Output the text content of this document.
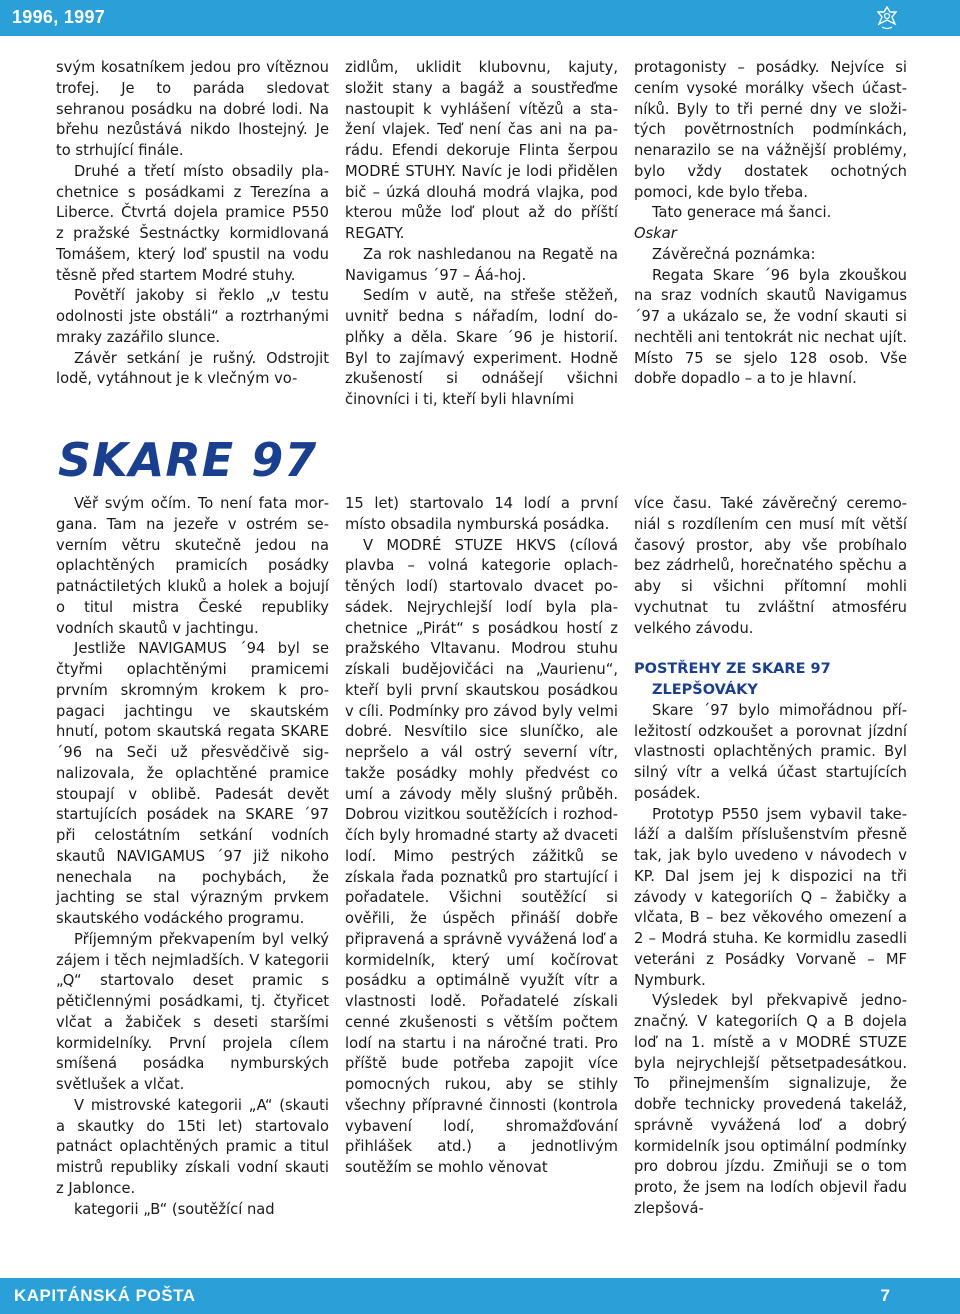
1996, 1997

svým kosatníkem jedou pro vítěznou trofej. Je to paráda sledovat sehranou posádku na dobré lodi. Na břehu nezůstává nikdo lhostejný. Je to strhující finále.

Druhé a třetí místo obsadily plachetnice s posádkami z Terezína a Liberce. Čtvrtá dojela pramice P550 z pražské Šestnáctky kormidlovaná Tomášem, který loď spustil na vodu těsně před startem Modré stuhy.

Povětří jakoby si řeklo „v testu odolnosti jste obstáli“ a roztrhanými mraky zazářilo slunce.

Závěr setkání je rušný. Odstrojit lodě, vytáhnout je k vlečným vo-

zidlům, uklidit klubovnu, kajuty, složit stany a bagáž a soustřeďme nastoupit k vyhlášení vítězů a stažení vlajek. Teď není čas ani na parádu. Efendi dekoruje Flinta šerpou MODRÉ STUHY. Navíc je lodi přidělen bič – úzká dlouhá modrá vlajka, pod kterou může loď plout až do příští REGATY.

Za rok nashledanou na Regatě na Navigamus ´97 – Áá-hoj.

Sedím v autě, na střeše stěžeň, uvnitř bedna s nářadím, lodní doplňky a děla. Skare ´96 je historií. Byl to zajímavý experiment. Hodně zkušeností si odnášejí všichni činovníci i ti, kteří byli hlavními

protagonisty – posádky. Nejvíce si cením vysoké morálky všech účastníků. Byly to tři perné dny ve složitých povětrnostních podmínkách, nenarazilo se na vážnější problémy, bylo vždy dostatek ochotných pomoci, kde bylo třeba.

Tato generace má šanci.

Oskar

Závěrečná poznámka:

Regata Skare ´96 byla zkouškou na sraz vodních skautů Navigamus ´97 a ukázalo se, že vodní skauti si nechtěli ani tentokrát nic nechat ujít. Místo 75 se sjelo 128 osob. Vše dobře dopadlo – a to je hlavní.

SKARE 97

Věř svým očím. To není fata morgana. Tam na jezeře v ostrém severním větru skutečně jedou na oplachtěných pramicích posádky patnáctiletých kluků a holek a bojují o titul mistra České republiky vodních skautů v jachtingu.

Jestliže NAVIGAMUS ´94 byl se čtyřmi oplachtěnými pramicemi prvním skromným krokem k propagaci jachtingu ve skautském hnutí, potom skautská regata SKARE ´96 na Seči už přesvědčivě signalizovala, že oplachtěné pramice stoupají v oblibě. Padesát devět startujících posádek na SKARE ´97 při celostátním setkání vodních skautů NAVIGAMUS ´97 již nikoho nenechala na pochybách, že jachting se stal výrazným prvkem skautského vodáckého programu.

Příjemným překvapením byl velký zájem i těch nejmladších. V kategorii „Q“ startovalo deset pramic s pětičlennými posádkami, tj. čtyřicet vlčat a žabiček s deseti staršími kormidelníky. První projela cílem smíšená posádka nymburských světlušek a vlčat.

V mistrovské kategorii „A“ (skauti a skautky do 15ti let) startovalo patnáct oplachtěných pramic a titul mistrů republiky získali vodní skauti z Jablonce.

kategorii „B“ (soutěžící nad

15 let) startovalo 14 lodí a první místo obsadila nymburská posádka.

V MODRÉ STUZE HKVS (cílová plavba – volná kategorie oplachtěných lodí) startovalo dvacet posádek. Nejrychlejší lodí byla plachetnice „Pirát“ s posádkou hostí z pražského Vltavanu. Modrou stuhu získali budějovičáci na „Vaurienu“, kteří byli první skautskou posádkou v cíli. Podmínky pro závod byly velmi dobré. Nesvítilo sice sluníčko, ale nepršelo a vál ostrý severní vítr, takže posádky mohly předvést co umí a závody měly slušný průběh. Dobrou vizitkou soutěžících i rozhodčích byly hromadné starty až dvaceti lodí. Mimo pestrých zážitků se získala řada poznatků pro startující i pořadatele. Všichni soutěžící si ověřili, že úspěch přináší dobře připravená a správně vyvážená loď a kormidelník, který umí kočírovat posádku a optimálně využít vítr a vlastnosti lodě. Pořadatelé získali cenné zkušenosti s větším počtem lodí na startu i na náročné trati. Pro příště bude potřeba zapojit více pomocných rukou, aby se stihly všechny přípravné činnosti (kontrola vybavení lodí, shromažďování přihlášek atd.) a jednotlivým soutěžím se mohlo věnovat

více času. Také závěrečný ceremoniál s rozdílením cen musí mít větší časový prostor, aby vše probíhalo bez zádrhelů, horečnatého spěchu a aby si všichni přítomní mohli vychutnat tu zvláštní atmosféru velkého závodu.

POSTŘEHY ZE SKARE 97

ZLEPŠOVÁKY

Skare ´97 bylo mimořádnou příležitostí odzkoušet a porovnat jízdní vlastnosti oplachtěných pramic. Byl silný vítr a velká účast startujících posádek.

Prototyp P550 jsem vybavil takeláží a dalším příslušenstvím přesně tak, jak bylo uvedeno v návodech v KP. Dal jsem jej k dispozici na tři závody v kategoriích Q – žabičky a vlčata, B – bez věkového omezení a 2 – Modrá stuha. Ke kormidlu zasedli veteráni z Posádky Vorvaně – MF Nymburk.

Výsledek byl překvapivě jednoznačný. V kategoriích Q a B dojela loď na 1. místě a v MODRÉ STUZE byla nejrychlejší pětsetpadesátkou. To přinejmenším signalizuje, že dobře technicky provedená takeláž, správně vyvážená loď a dobrý kormidelník jsou optimální podmínky pro dobrou jízdu. Zmiňuji se o tom proto, že jsem na lodích objevil řadu zlepšová-

KAPITÁNSKÁ POŠTA	7
